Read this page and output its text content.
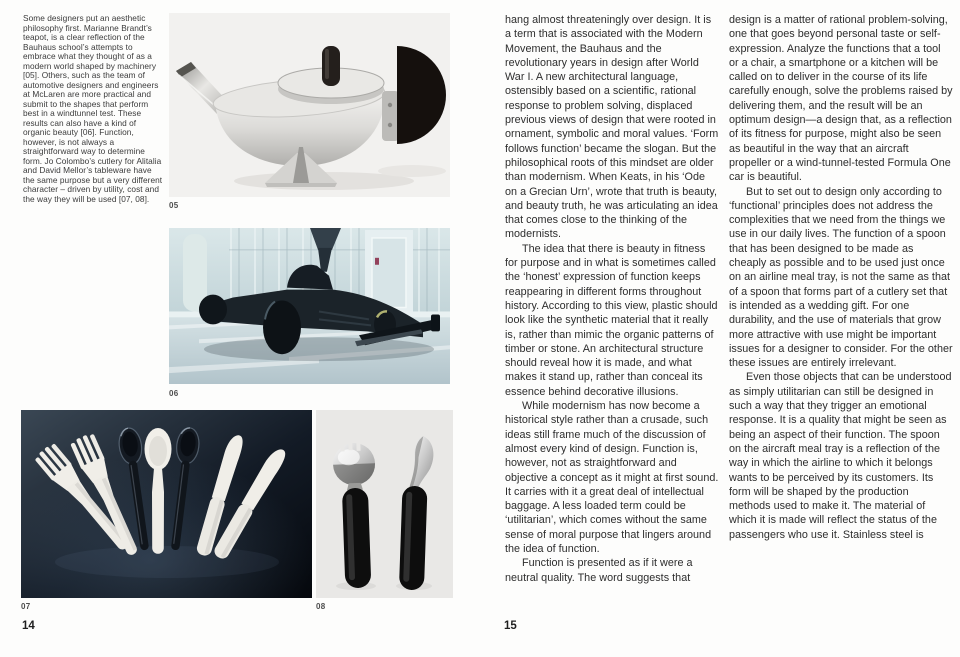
Some designers put an aesthetic philosophy first. Marianne Brandt’s teapot, is a clear reflection of the Bauhaus school’s attempts to embrace what they thought of as a modern world shaped by machinery [05]. Others, such as the team of automotive designers and engineers at McLaren are more practical and submit to the shapes that perform best in a windtunnel test. These results can also have a kind of organic beauty [06]. Function, however, is not always a straightforward way to determine form. Jo Colombo’s cutlery for Alitalia and David Mellor’s tableware have the same purpose but a very different character – driven by utility, cost and the way they will be used [07, 08].
05
06
07	08

hang almost threateningly over design. It is a term that is associated with the Modern Movement, the Bauhaus and the revolutionary years in design after World War I. A new architectural language, ostensibly based on a scientific, rational response to problem solving, displaced previous views of design that were rooted in ornament, symbolic and moral values. ‘Form follows function’ became the slogan. But the philosophical roots of this mindset are older than modernism. When Keats, in his ‘Ode on a Grecian Urn’, wrote that truth is beauty, and beauty truth, he was articulating an idea that comes close to the thinking of the modernists.

The idea that there is beauty in fitness for purpose and in what is sometimes called the ‘honest’ expression of function keeps reappearing in different forms throughout history. According to this view, plastic should look like the synthetic material that it really is, rather than mimic the organic patterns of timber or stone. An architectural structure should reveal how it is made, and what makes it stand up, rather than conceal its essence behind decorative illusions.

While modernism has now become a historical style rather than a crusade, such ideas still frame much of the discussion of almost every kind of design. Function is, however, not as straightforward and objective a concept as it might at first sound. It carries with it a great deal of intellectual baggage. A less loaded term could be ‘utilitarian’, which comes without the same sense of moral purpose that lingers around the idea of function.

Function is presented as if it were a neutral quality. The word suggests that

design is a matter of rational problem-solving, one that goes beyond personal taste or self-expression. Analyze the functions that a tool or a chair, a smartphone or a kitchen will be called on to deliver in the course of its life carefully enough, solve the problems raised by delivering them, and the result will be an optimum design—a design that, as a reflection of its fitness for purpose, might also be seen as beautiful in the way that an aircraft propeller or a wind-tunnel-tested Formula One car is beautiful.

But to set out to design only according to ‘functional’ principles does not address the complexities that we need from the things we use in our daily lives. The function of a spoon that has been designed to be made as cheaply as possible and to be used just once on an airline meal tray, is not the same as that of a spoon that forms part of a cutlery set that is intended as a wedding gift. For one durability, and the use of materials that grow more attractive with use might be important issues for a designer to consider. For the other these issues are entirely irrelevant.

Even those objects that can be understood as simply utilitarian can still be designed in such a way that they trigger an emotional response. It is a quality that might be seen as being an aspect of their function. The spoon on the aircraft meal tray is a reflection of the way in which the airline to which it belongs wants to be perceived by its customers. Its form will be shaped by the production methods used to make it. The material of which it is made will reflect the status of the passengers who use it. Stainless steel is

14	15
